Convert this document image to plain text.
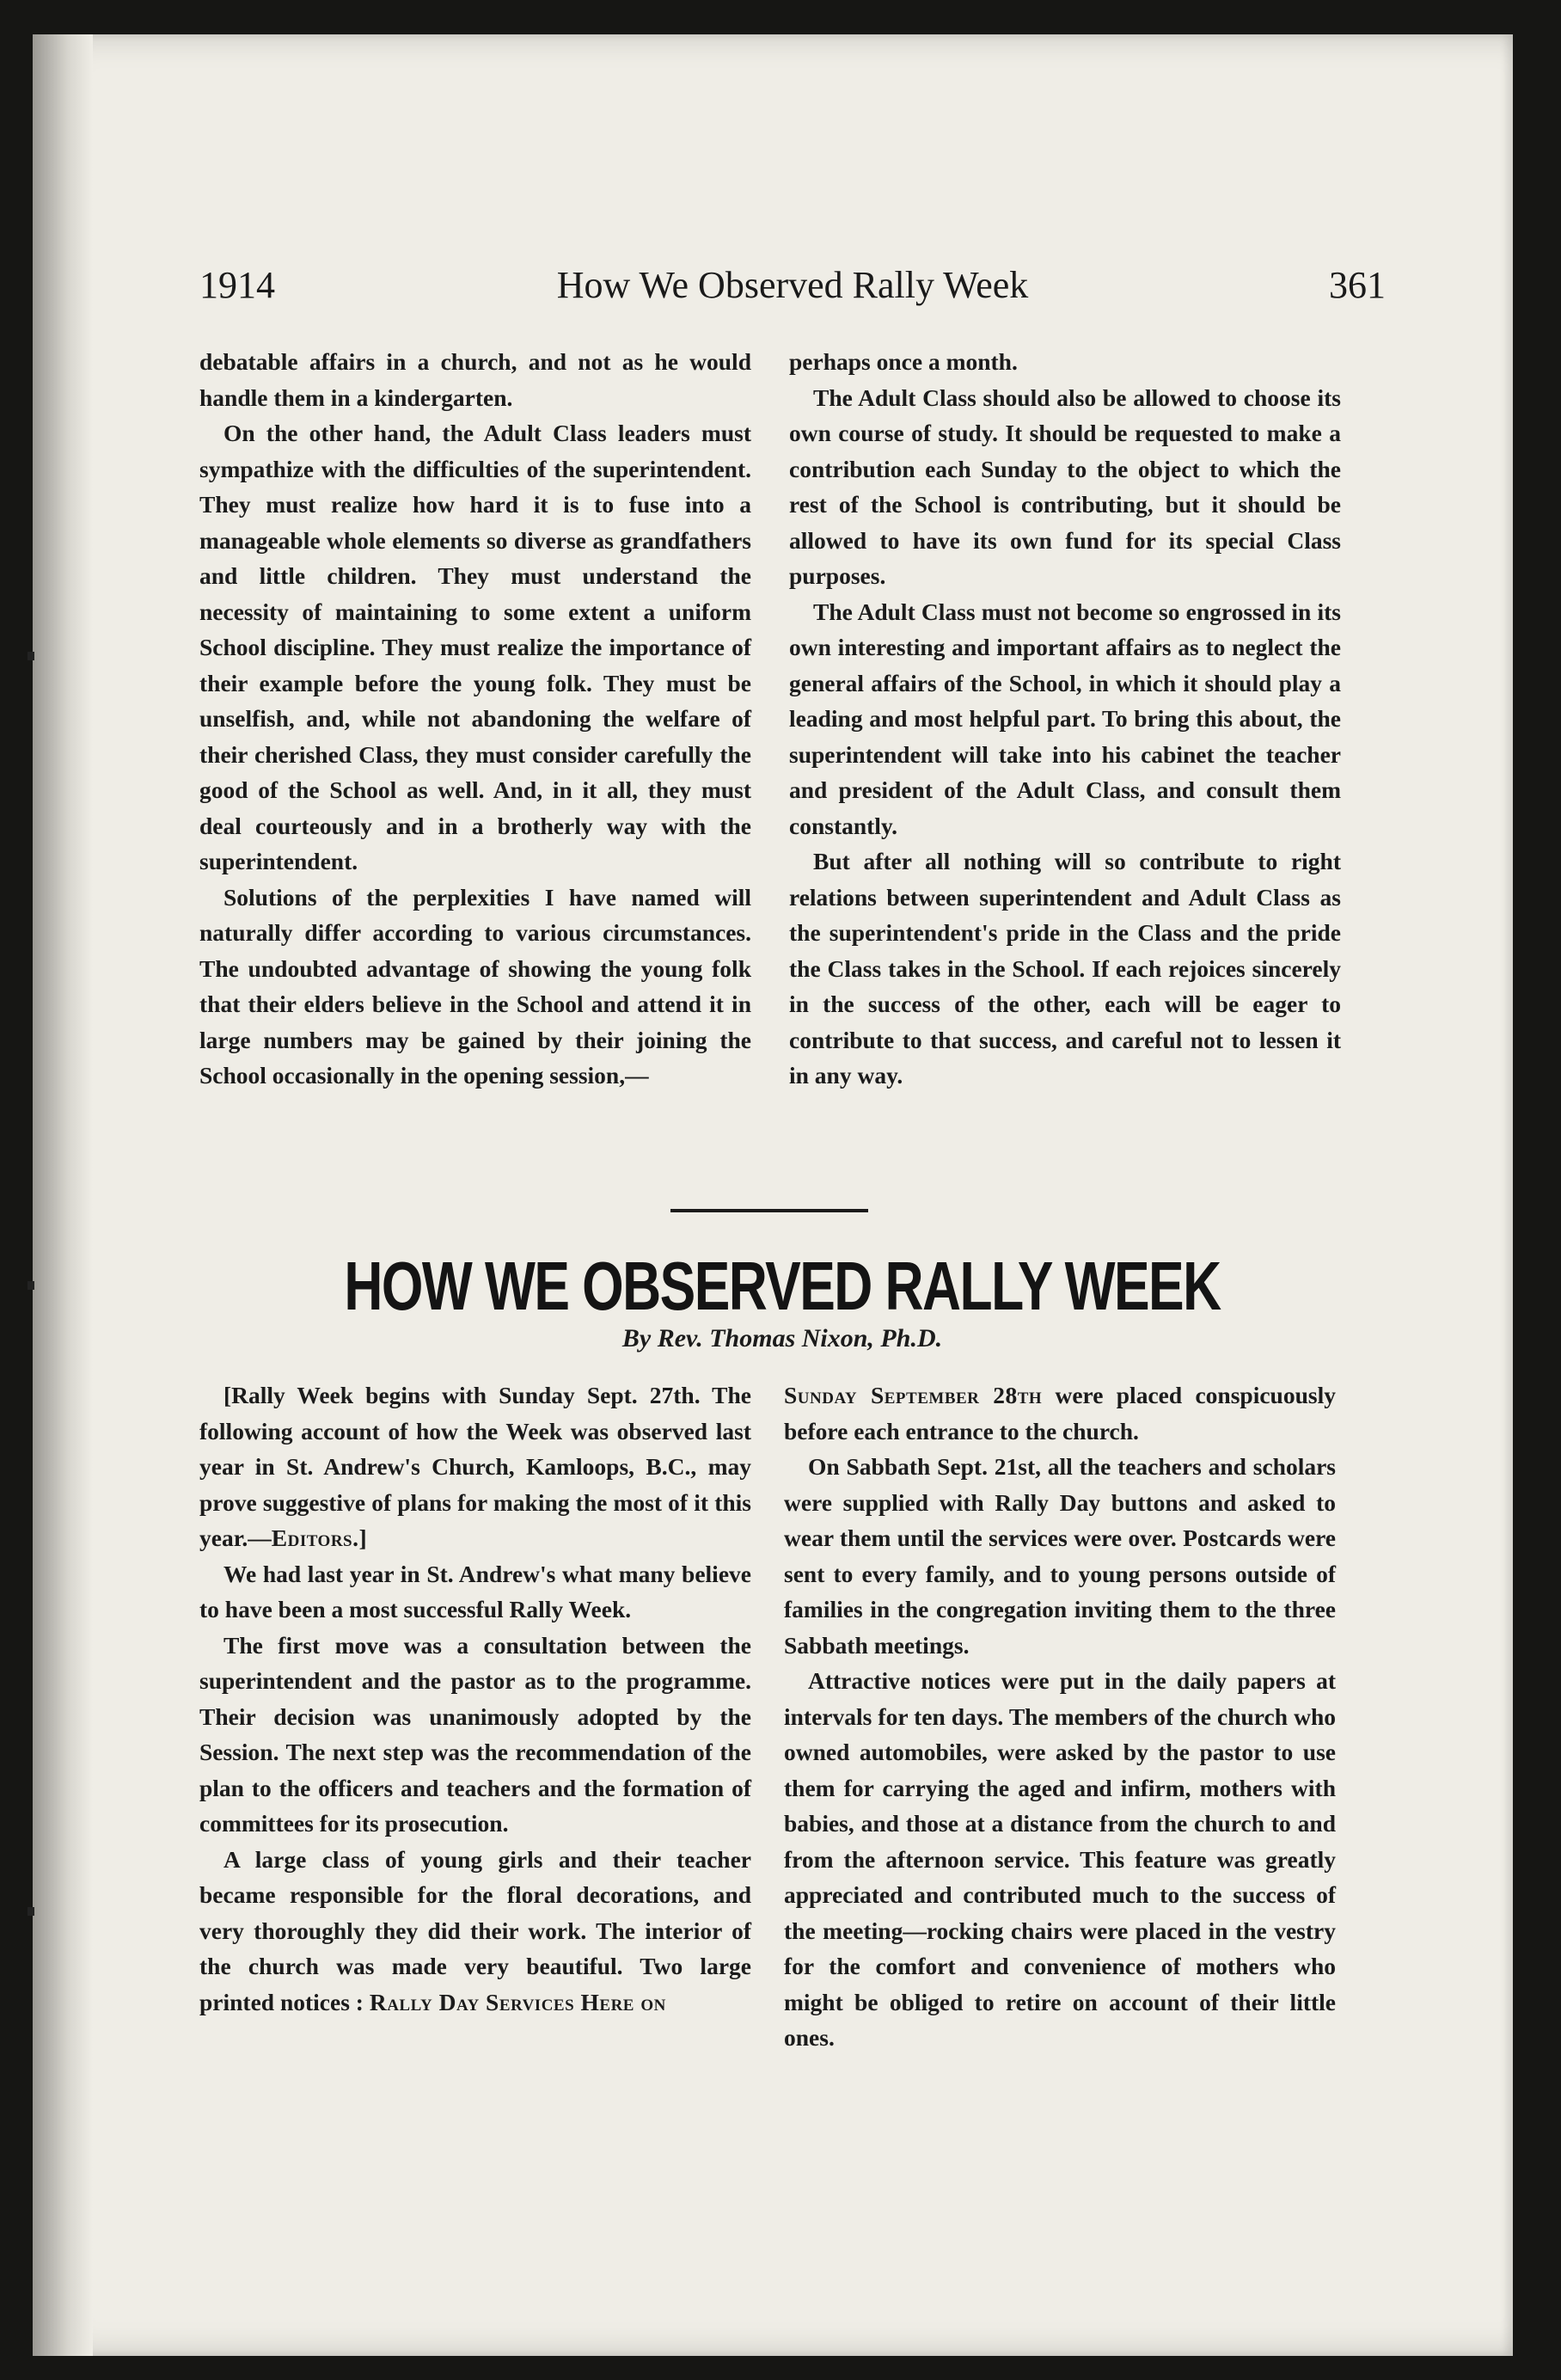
1914	How We Observed Rally Week	361

debatable affairs in a church, and not as he would handle them in a kindergarten.

On the other hand, the Adult Class leaders must sympathize with the difficulties of the superintendent. They must realize how hard it is to fuse into a manageable whole elements so diverse as grandfathers and little children. They must understand the necessity of maintaining to some extent a uniform School discipline. They must realize the importance of their example before the young folk. They must be unselfish, and, while not abandoning the welfare of their cherished Class, they must consider carefully the good of the School as well. And, in it all, they must deal courteously and in a brotherly way with the superintendent.

Solutions of the perplexities I have named will naturally differ according to various circumstances. The undoubted advantage of showing the young folk that their elders believe in the School and attend it in large numbers may be gained by their joining the School occasionally in the opening session,—

perhaps once a month.

The Adult Class should also be allowed to choose its own course of study. It should be requested to make a contribution each Sunday to the object to which the rest of the School is contributing, but it should be allowed to have its own fund for its special Class purposes.

The Adult Class must not become so engrossed in its own interesting and important affairs as to neglect the general affairs of the School, in which it should play a leading and most helpful part. To bring this about, the superintendent will take into his cabinet the teacher and president of the Adult Class, and consult them constantly.

But after all nothing will so contribute to right relations between superintendent and Adult Class as the superintendent's pride in the Class and the pride the Class takes in the School. If each rejoices sincerely in the success of the other, each will be eager to contribute to that success, and careful not to lessen it in any way.

HOW WE OBSERVED RALLY WEEK
By Rev. Thomas Nixon, Ph.D.

[Rally Week begins with Sunday Sept. 27th. The following account of how the Week was observed last year in St. Andrew's Church, Kamloops, B.C., may prove suggestive of plans for making the most of it this year.—Editors.]

We had last year in St. Andrew's what many believe to have been a most successful Rally Week.

The first move was a consultation between the superintendent and the pastor as to the programme. Their decision was unanimously adopted by the Session. The next step was the recommendation of the plan to the officers and teachers and the formation of committees for its prosecution.

A large class of young girls and their teacher became responsible for the floral decorations, and very thoroughly they did their work. The interior of the church was made very beautiful. Two large printed notices : Rally Day Services Here on

Sunday September 28th were placed conspicuously before each entrance to the church.

On Sabbath Sept. 21st, all the teachers and scholars were supplied with Rally Day buttons and asked to wear them until the services were over. Postcards were sent to every family, and to young persons outside of families in the congregation inviting them to the three Sabbath meetings.

Attractive notices were put in the daily papers at intervals for ten days. The members of the church who owned automobiles, were asked by the pastor to use them for carrying the aged and infirm, mothers with babies, and those at a distance from the church to and from the afternoon service. This feature was greatly appreciated and contributed much to the success of the meeting—rocking chairs were placed in the vestry for the comfort and convenience of mothers who might be obliged to retire on account of their little ones.
